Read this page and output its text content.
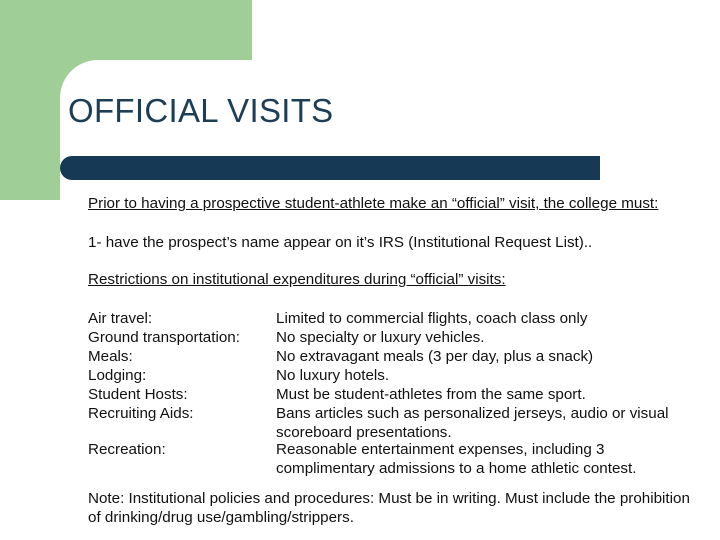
OFFICIAL VISITS
Prior to having a prospective student-athlete make an “official” visit, the college must:
1- have the prospect’s name appear on it’s IRS (Institutional Request List)..
Restrictions on institutional expenditures during “official” visits:
Air travel:	Limited to commercial flights, coach class only
Ground transportation: No specialty or luxury vehicles.
Meals:	No extravagant meals (3 per day, plus a snack)
Lodging:	No luxury hotels.
Student Hosts:	Must be student-athletes from the same sport.
Recruiting Aids:	Bans articles such as personalized jerseys, audio or visual scoreboard presentations.
Recreation:	Reasonable entertainment expenses, including 3 complimentary admissions to a home athletic contest.
Note: Institutional policies and procedures: Must be in writing. Must include the prohibition of drinking/drug use/gambling/strippers.
